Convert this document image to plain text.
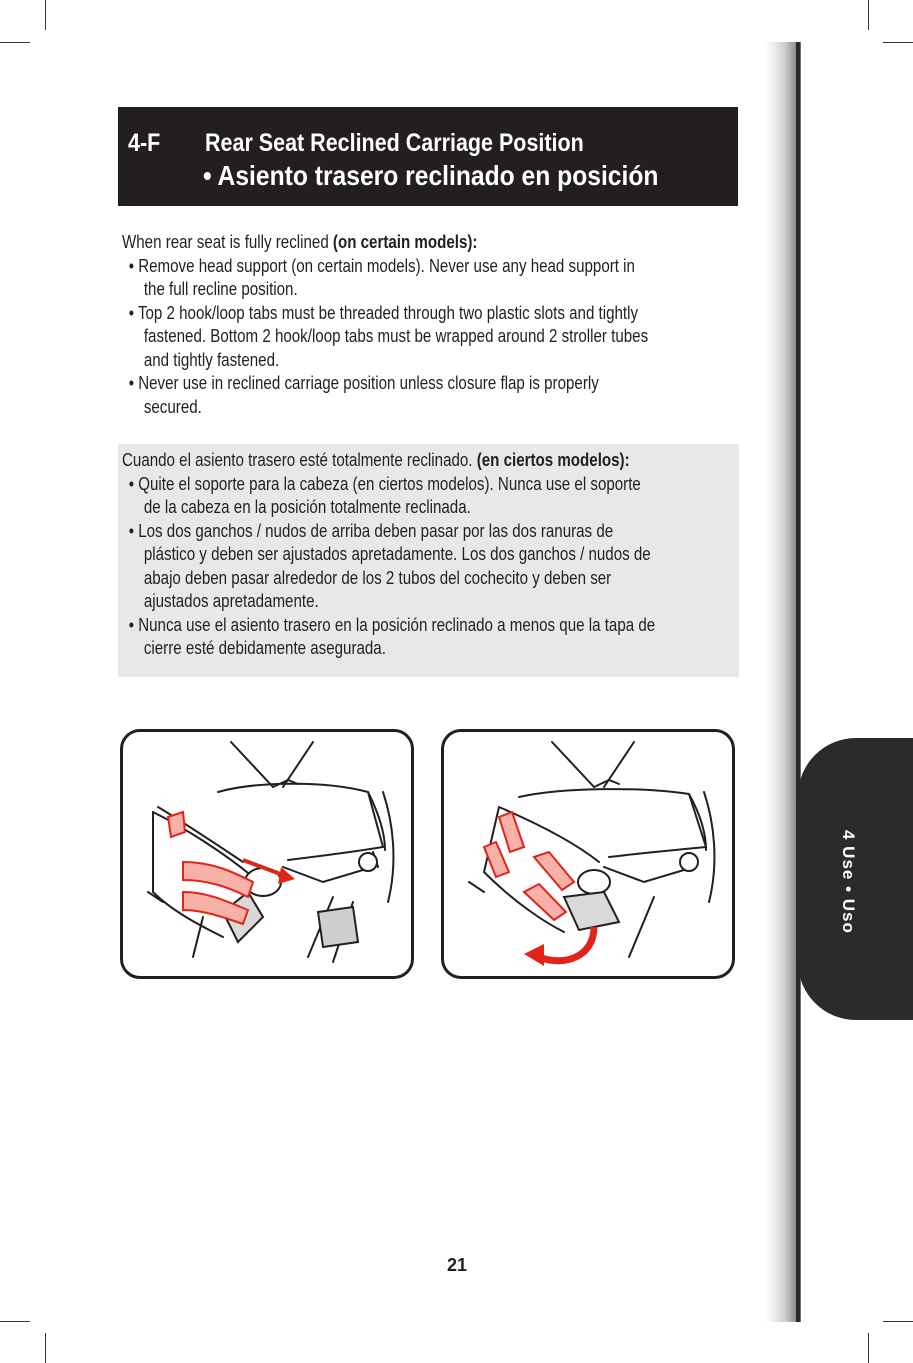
4 Use • Uso
4-F Rear Seat Reclined Carriage Position
• Asiento trasero reclinado en posición

When rear seat is fully reclined (on certain models):

• Remove head support (on certain models). Never use any head support in the full recline position.

• Top 2 hook/loop tabs must be threaded through two plastic slots and tightly fastened. Bottom 2 hook/loop tabs must be wrapped around 2 stroller tubes and tightly fastened.

• Never use in reclined carriage position unless closure flap is properly secured.

Cuando el asiento trasero esté totalmente reclinado. (en ciertos modelos):

• Quite el soporte para la cabeza (en ciertos modelos). Nunca use el soporte de la cabeza en la posición totalmente reclinada.

• Los dos ganchos / nudos de arriba deben pasar por las dos ranuras de plástico y deben ser ajustados apretadamente. Los dos ganchos / nudos de abajo deben pasar alrededor de los 2 tubos del cochecito y deben ser ajustados apretadamente.

• Nunca use el asiento trasero en la posición reclinado a menos que la tapa de cierre esté debidamente asegurada.

21
